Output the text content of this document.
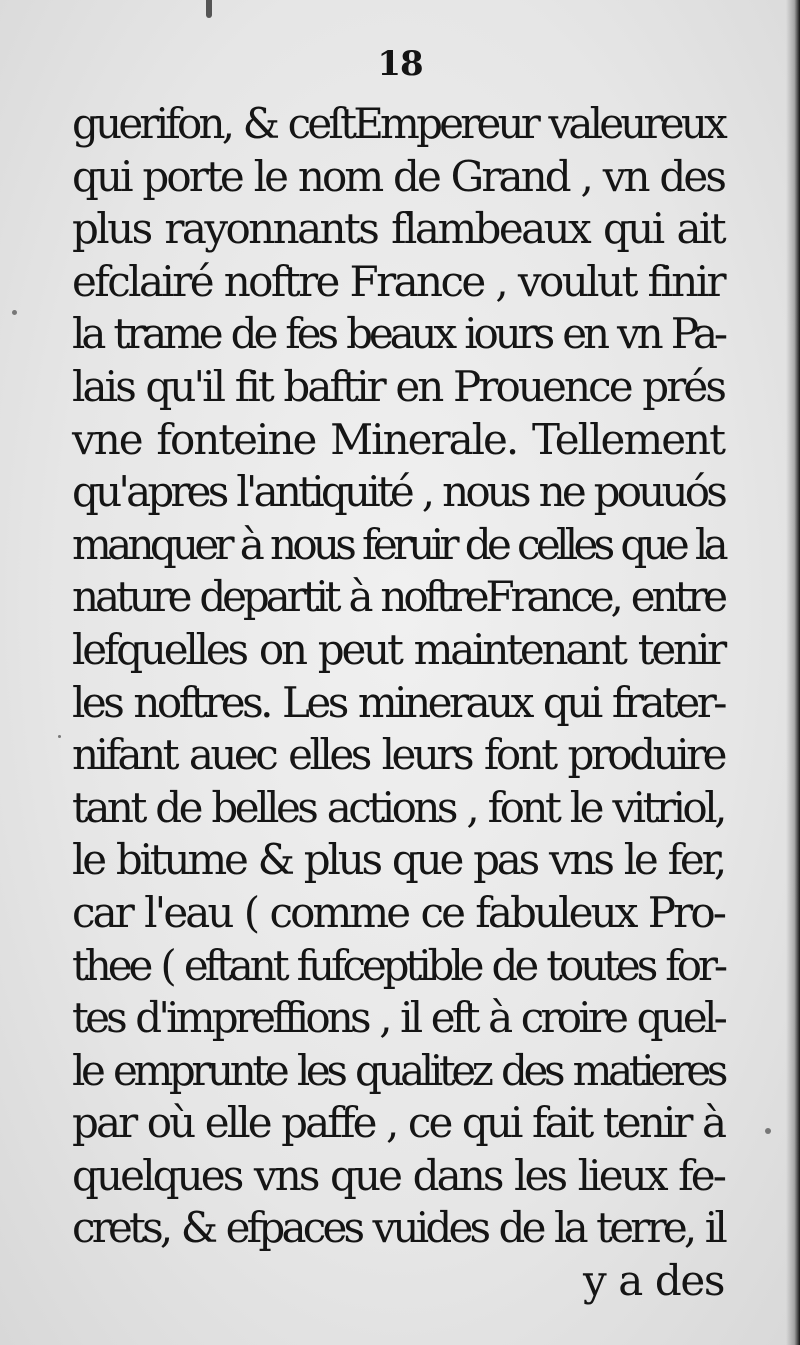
18
guerifon, & ceſtEmpereur valeureux
qui porte le nom de Grand , vn des
plus rayonnants flambeaux qui ait
efclairé noftre France , voulut finir
la trame de fes beaux iours en vn Pa-
lais qu'il fit baftir en Prouence prés
vne fonteine Minerale. Tellement
qu'apres l'antiquité , nous ne pouuós
manquer à nous feruir de celles que la
nature departit à noftreFrance, entre
lefquelles on peut maintenant tenir
les noftres. Les mineraux qui frater-
nifant auec elles leurs font produire
tant de belles actions , font le vitriol,
le bitume & plus que pas vns le fer,
car l'eau ( comme ce fabuleux Pro-
thee ( eftant fufceptible de toutes for-
tes d'impreffions , il eft à croire quel-
le emprunte les qualitez des matieres
par où elle paffe , ce qui fait tenir à
quelques vns que dans les lieux fe-
crets, & efpaces vuides de la terre, il
y a des
